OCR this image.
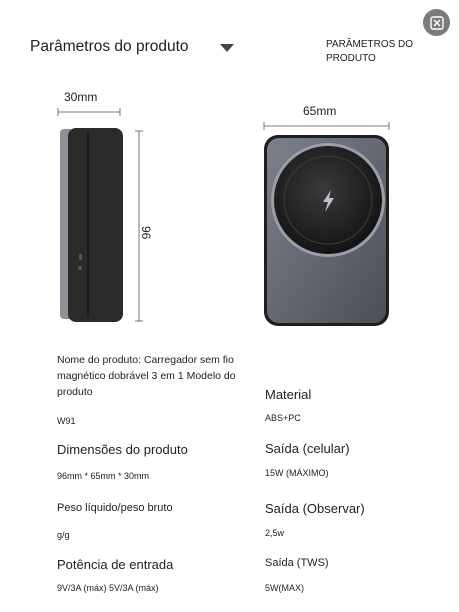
Parâmetros do produto	PARÂMETROS DO PRODUTO
30mm
96
65mm
Nome do produto: Carregador sem fio magnético dobrável 3 em 1 Modelo do produto
W91
Material
ABS+PC
Dimensões do produto
96mm * 65mm * 30mm
Saída (celular)
15W (MÁXIMO)
Peso líquido/peso bruto
g/g
Saída (Observar)
2,5w
Potência de entrada
9V/3A (máx) 5V/3A (máx)
Saída (TWS)
5W(MAX)
